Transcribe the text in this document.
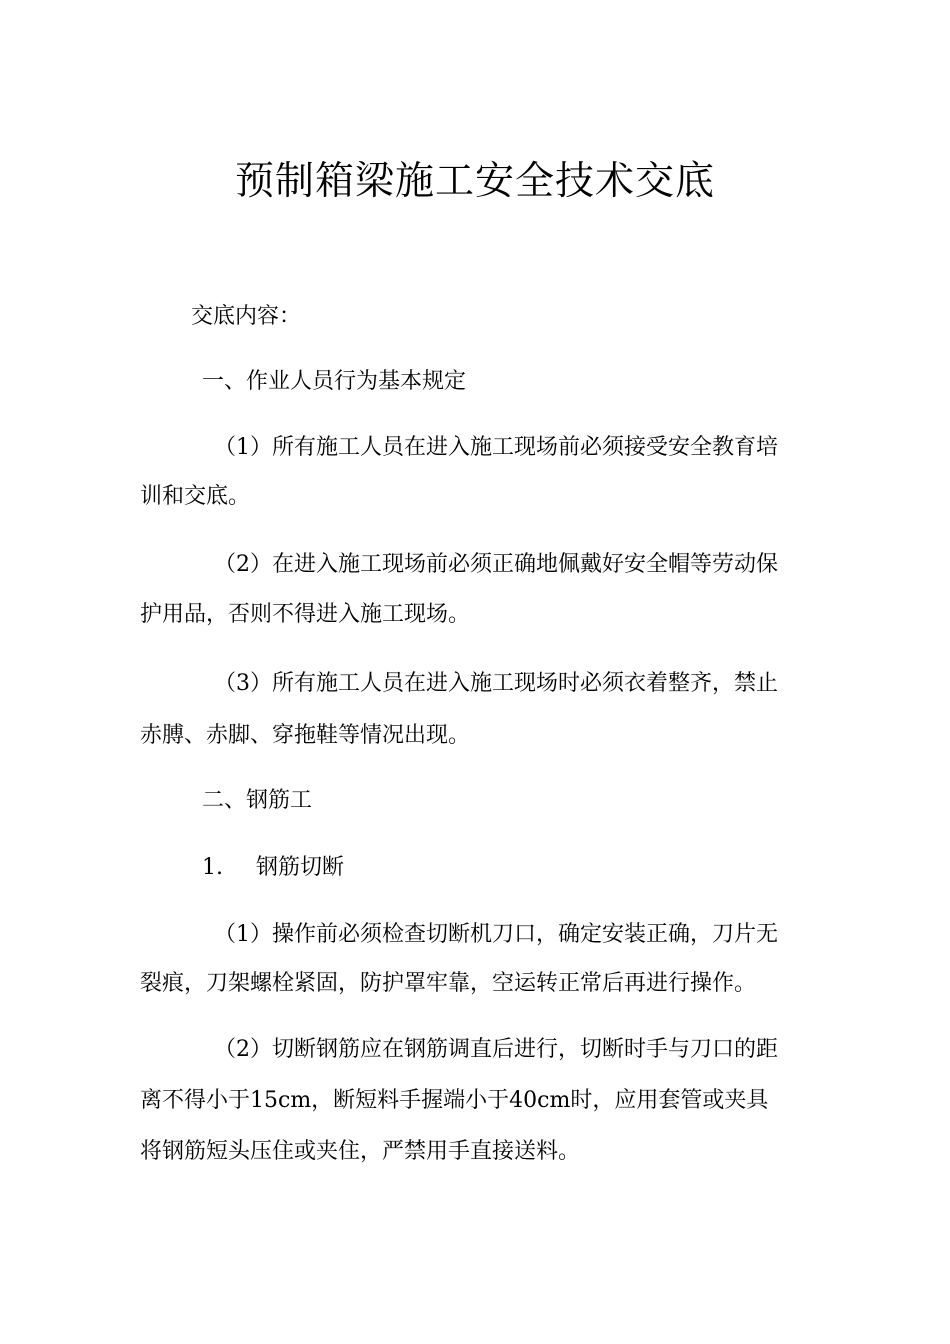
预制箱梁施工安全技术交底
交底内容：
一、作业人员行为基本规定
（1）所有施工人员在进入施工现场前必须接受安全教育培
训和交底。
（2）在进入施工现场前必须正确地佩戴好安全帽等劳动保
护用品，否则不得进入施工现场。
（3）所有施工人员在进入施工现场时必须衣着整齐，禁止
赤膊、赤脚、穿拖鞋等情况出现。
二、钢筋工
1. 钢筋切断
（1）操作前必须检查切断机刀口，确定安装正确，刀片无
裂痕，刀架螺栓紧固，防护罩牢靠，空运转正常后再进行操作。
（2）切断钢筋应在钢筋调直后进行，切断时手与刀口的距
离不得小于15cm，断短料手握端小于40cm时，应用套管或夹具
将钢筋短头压住或夹住，严禁用手直接送料。
